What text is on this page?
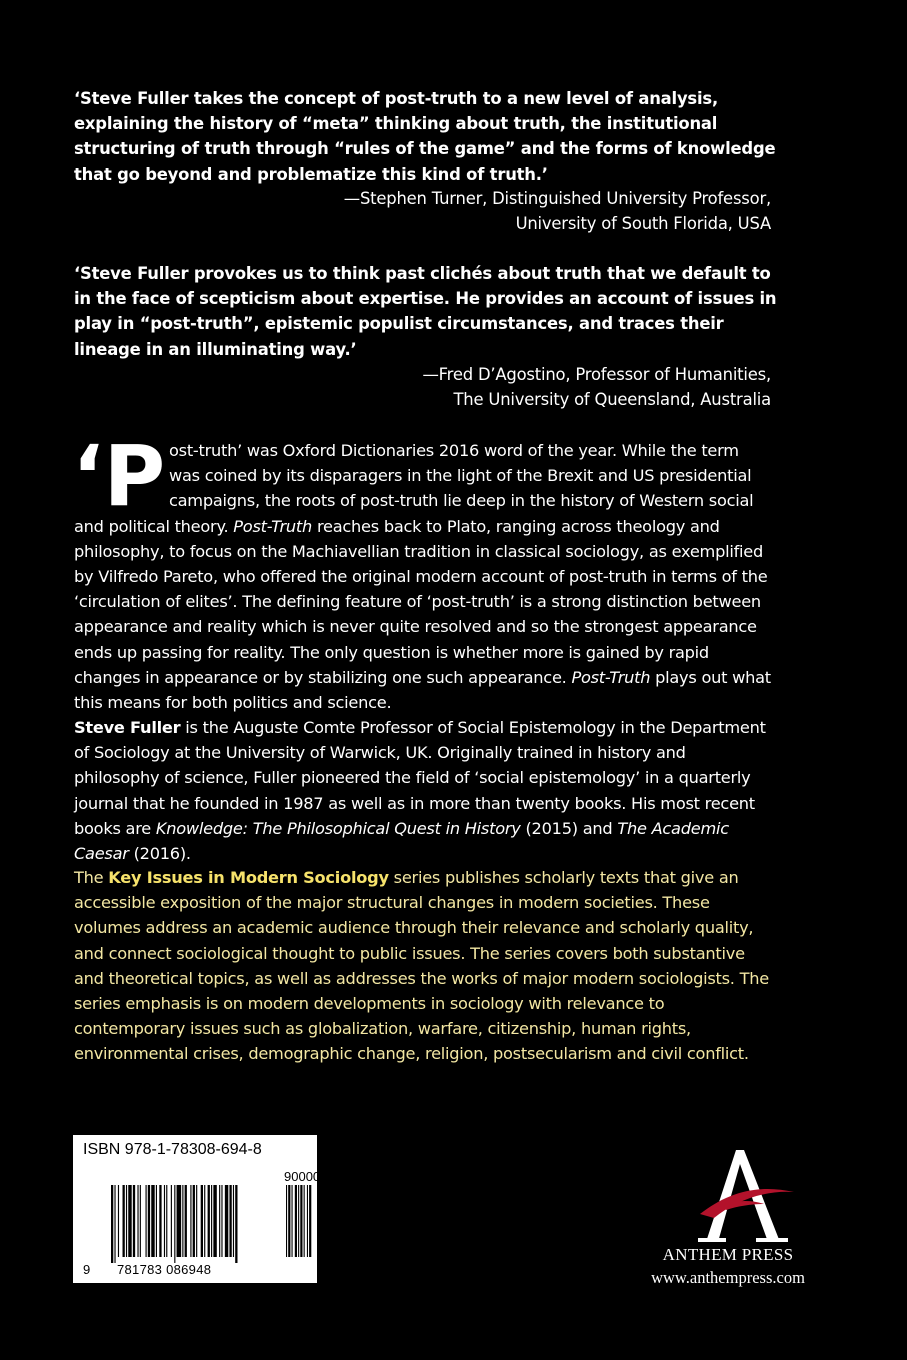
‘Steve Fuller takes the concept of post-truth to a new level of analysis, explaining the history of “meta” thinking about truth, the institutional structuring of truth through “rules of the game” and the forms of knowledge that go beyond and problematize this kind of truth.’
—Stephen Turner, Distinguished University Professor,
University of South Florida, USA
‘Steve Fuller provokes us to think past clichés about truth that we default to in the face of scepticism about expertise. He provides an account of issues in play in “post-truth”, epistemic populist circumstances, and traces their lineage in an illuminating way.’
—Fred D’Agostino, Professor of Humanities,
The University of Queensland, Australia
‘Post-truth’ was Oxford Dictionaries 2016 word of the year. While the term was coined by its disparagers in the light of the Brexit and US presidential campaigns, the roots of post-truth lie deep in the history of Western social and political theory. Post-Truth reaches back to Plato, ranging across theology and philosophy, to focus on the Machiavellian tradition in classical sociology, as exemplified by Vilfredo Pareto, who offered the original modern account of post-truth in terms of the ‘circulation of elites’. The defining feature of ‘post-truth’ is a strong distinction between appearance and reality which is never quite resolved and so the strongest appearance ends up passing for reality. The only question is whether more is gained by rapid changes in appearance or by stabilizing one such appearance. Post-Truth plays out what this means for both politics and science.
Steve Fuller is the Auguste Comte Professor of Social Epistemology in the Department of Sociology at the University of Warwick, UK. Originally trained in history and philosophy of science, Fuller pioneered the field of ‘social epistemology’ in a quarterly journal that he founded in 1987 as well as in more than twenty books. His most recent books are Knowledge: The Philosophical Quest in History (2015) and The Academic Caesar (2016).
The Key Issues in Modern Sociology series publishes scholarly texts that give an accessible exposition of the major structural changes in modern societies. These volumes address an academic audience through their relevance and scholarly quality, and connect sociological thought to public issues. The series covers both substantive and theoretical topics, as well as addresses the works of major modern sociologists. The series emphasis is on modern developments in sociology with relevance to contemporary issues such as globalization, warfare, citizenship, human rights, environmental crises, demographic change, religion, postsecularism and civil conflict.
ISBN 978-1-78308-694-8
90000
9 781783 086948
ANTHEM PRESS
www.anthempress.com
